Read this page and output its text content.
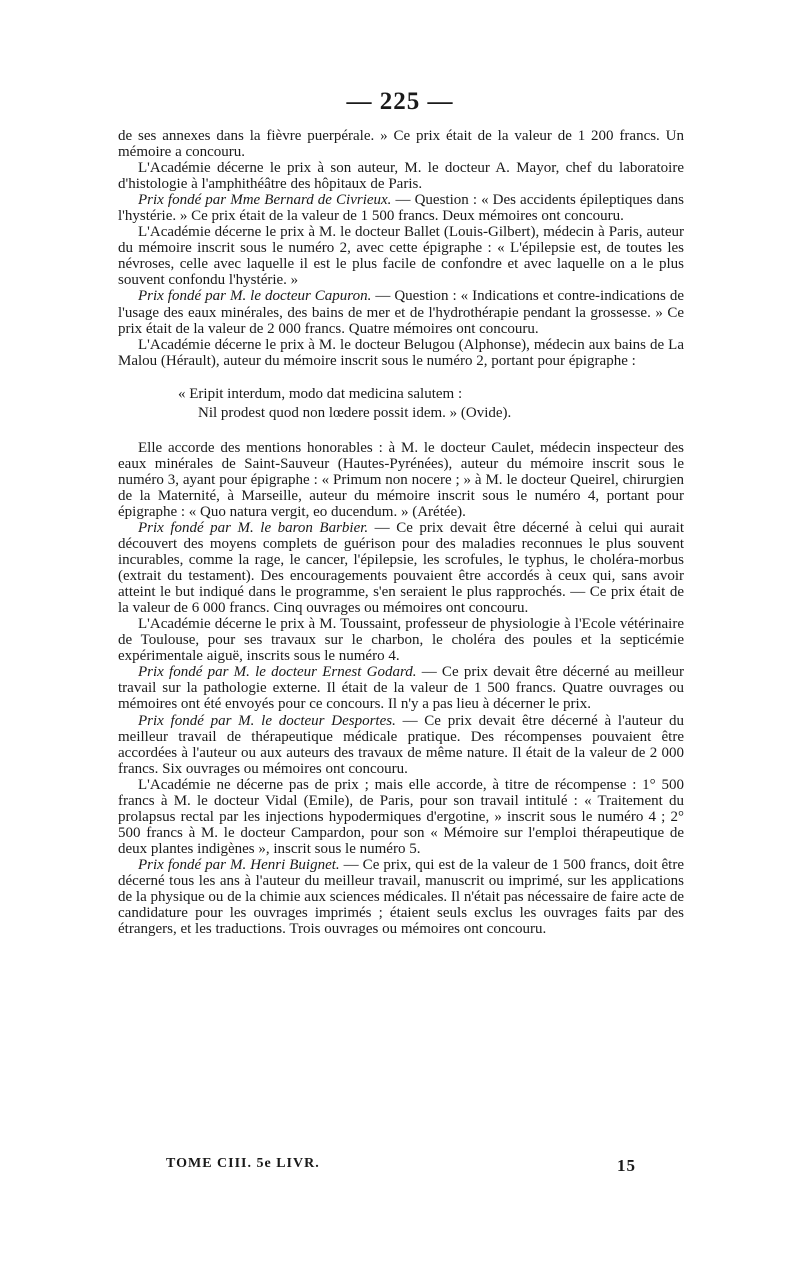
— 225 —

de ses annexes dans la fièvre puerpérale. » Ce prix était de la valeur de 1 200 francs. Un mémoire a concouru.

L'Académie décerne le prix à son auteur, M. le docteur A. Mayor, chef du laboratoire d'histologie à l'amphithéâtre des hôpitaux de Paris.

Prix fondé par Mme Bernard de Civrieux. — Question : « Des accidents épileptiques dans l'hystérie. » Ce prix était de la valeur de 1 500 francs. Deux mémoires ont concouru.

L'Académie décerne le prix à M. le docteur Ballet (Louis-Gilbert), médecin à Paris, auteur du mémoire inscrit sous le numéro 2, avec cette épigraphe : « L'épilepsie est, de toutes les névroses, celle avec laquelle il est le plus facile de confondre et avec laquelle on a le plus souvent confondu l'hystérie. »

Prix fondé par M. le docteur Capuron. — Question : « Indications et contre-indications de l'usage des eaux minérales, des bains de mer et de l'hydrothérapie pendant la grossesse. » Ce prix était de la valeur de 2 000 francs. Quatre mémoires ont concouru.

L'Académie décerne le prix à M. le docteur Belugou (Alphonse), médecin aux bains de La Malou (Hérault), auteur du mémoire inscrit sous le numéro 2, portant pour épigraphe :

« Eripit interdum, modo dat medicina salutem :
Nil prodest quod non lœdere possit idem. » (Ovide).

Elle accorde des mentions honorables : à M. le docteur Caulet, médecin inspecteur des eaux minérales de Saint-Sauveur (Hautes-Pyrénées), auteur du mémoire inscrit sous le numéro 3, ayant pour épigraphe : « Primum non nocere ; » à M. le docteur Queirel, chirurgien de la Maternité, à Marseille, auteur du mémoire inscrit sous le numéro 4, portant pour épigraphe : « Quo natura vergit, eo ducendum. » (Arétée).

Prix fondé par M. le baron Barbier. — Ce prix devait être décerné à celui qui aurait découvert des moyens complets de guérison pour des maladies reconnues le plus souvent incurables, comme la rage, le cancer, l'épilepsie, les scrofules, le typhus, le choléra-morbus (extrait du testament). Des encouragements pouvaient être accordés à ceux qui, sans avoir atteint le but indiqué dans le programme, s'en seraient le plus rapprochés. — Ce prix était de la valeur de 6 000 francs. Cinq ouvrages ou mémoires ont concouru.

L'Académie décerne le prix à M. Toussaint, professeur de physiologie à l'Ecole vétérinaire de Toulouse, pour ses travaux sur le charbon, le choléra des poules et la septicémie expérimentale aiguë, inscrits sous le numéro 4.

Prix fondé par M. le docteur Ernest Godard. — Ce prix devait être décerné au meilleur travail sur la pathologie externe. Il était de la valeur de 1 500 francs. Quatre ouvrages ou mémoires ont été envoyés pour ce concours. Il n'y a pas lieu à décerner le prix.

Prix fondé par M. le docteur Desportes. — Ce prix devait être décerné à l'auteur du meilleur travail de thérapeutique médicale pratique. Des récompenses pouvaient être accordées à l'auteur ou aux auteurs des travaux de même nature. Il était de la valeur de 2 000 francs. Six ouvrages ou mémoires ont concouru.

L'Académie ne décerne pas de prix ; mais elle accorde, à titre de récompense : 1° 500 francs à M. le docteur Vidal (Emile), de Paris, pour son travail intitulé : « Traitement du prolapsus rectal par les injections hypodermiques d'ergotine, » inscrit sous le numéro 4 ; 2° 500 francs à M. le docteur Campardon, pour son « Mémoire sur l'emploi thérapeutique de deux plantes indigènes », inscrit sous le numéro 5.

Prix fondé par M. Henri Buignet. — Ce prix, qui est de la valeur de 1 500 francs, doit être décerné tous les ans à l'auteur du meilleur travail, manuscrit ou imprimé, sur les applications de la physique ou de la chimie aux sciences médicales. Il n'était pas nécessaire de faire acte de candidature pour les ouvrages imprimés ; étaient seuls exclus les ouvrages faits par des étrangers, et les traductions. Trois ouvrages ou mémoires ont concouru.

TOME CIII. 5e LIVR.	15
